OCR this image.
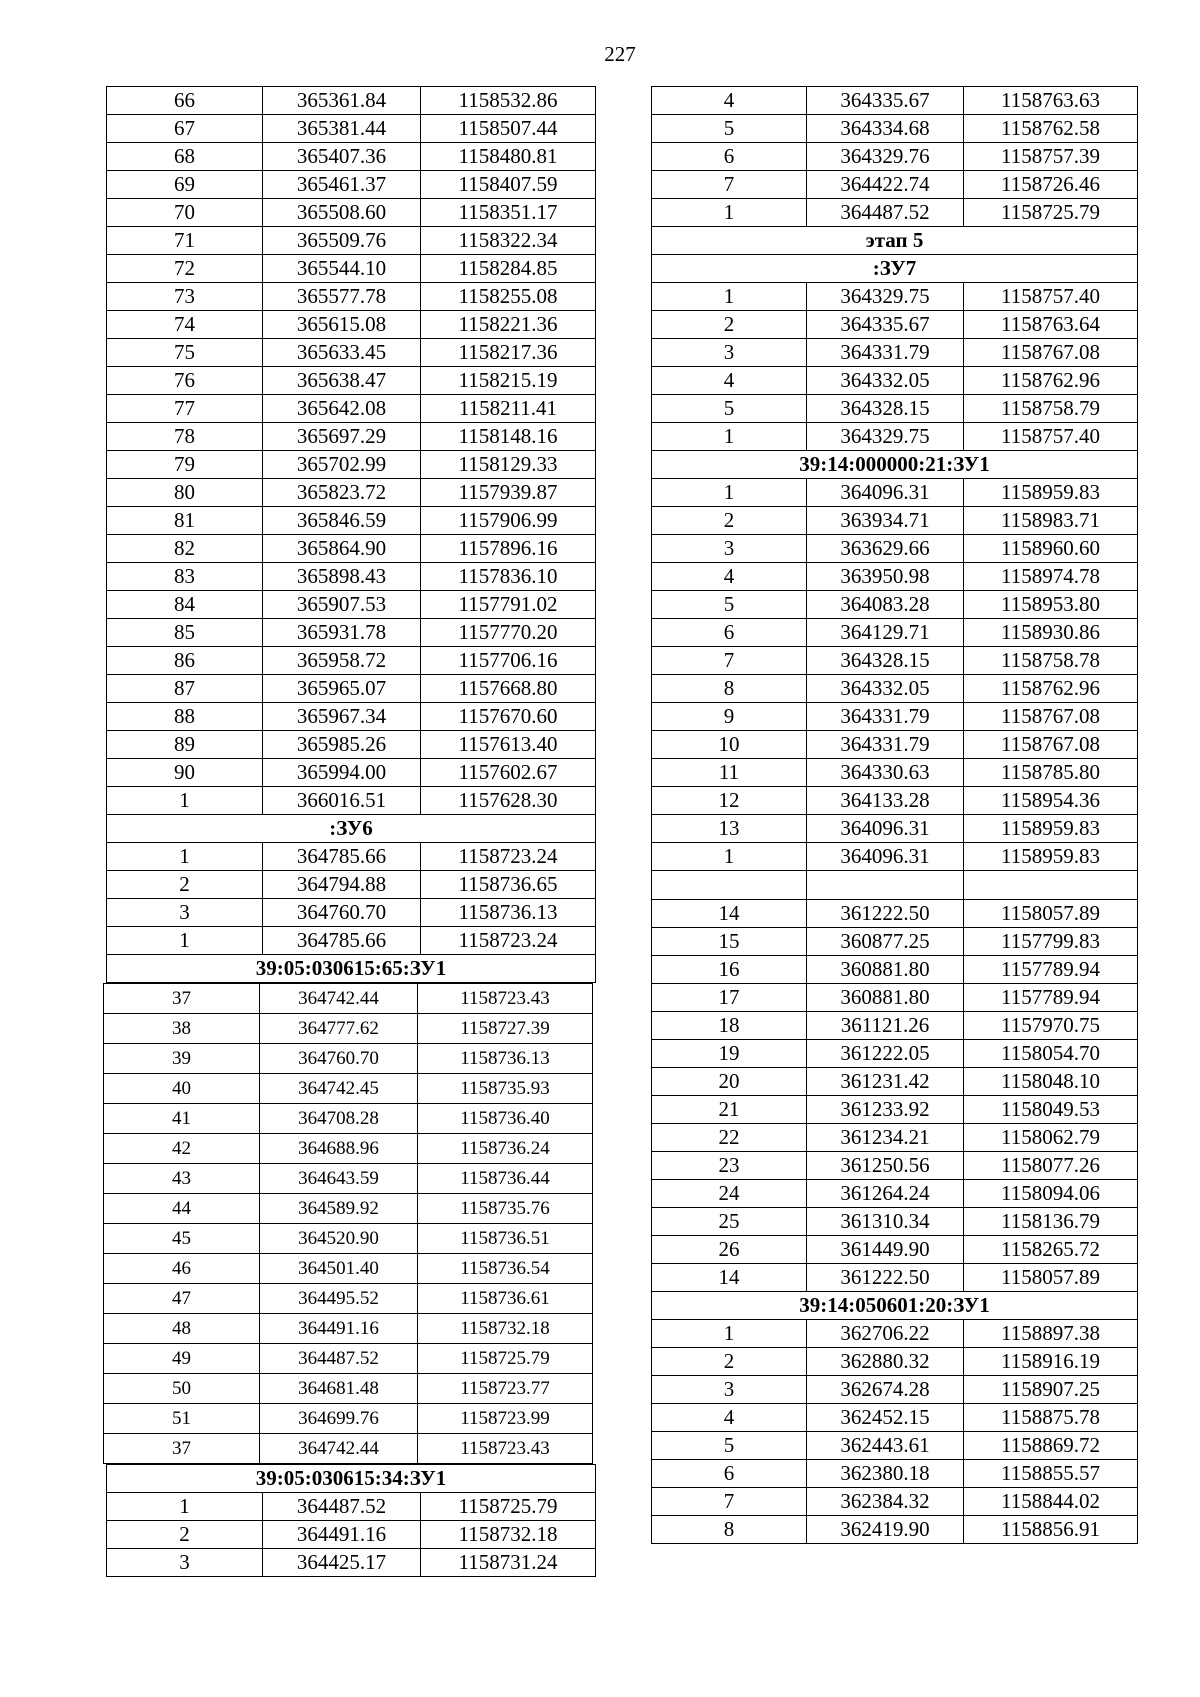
227
66	365361.84	1158532.86
67	365381.44	1158507.44
68	365407.36	1158480.81
69	365461.37	1158407.59
70	365508.60	1158351.17
71	365509.76	1158322.34
72	365544.10	1158284.85
73	365577.78	1158255.08
74	365615.08	1158221.36
75	365633.45	1158217.36
76	365638.47	1158215.19
77	365642.08	1158211.41
78	365697.29	1158148.16
79	365702.99	1158129.33
80	365823.72	1157939.87
81	365846.59	1157906.99
82	365864.90	1157896.16
83	365898.43	1157836.10
84	365907.53	1157791.02
85	365931.78	1157770.20
86	365958.72	1157706.16
87	365965.07	1157668.80
88	365967.34	1157670.60
89	365985.26	1157613.40
90	365994.00	1157602.67
1	366016.51	1157628.30
:ЗУ6		
1	364785.66	1158723.24
2	364794.88	1158736.65
3	364760.70	1158736.13
1	364785.66	1158723.24
39:05:030615:65:ЗУ1		
37	364742.44	1158723.43
38	364777.62	1158727.39
39	364760.70	1158736.13
40	364742.45	1158735.93
41	364708.28	1158736.40
42	364688.96	1158736.24
43	364643.59	1158736.44
44	364589.92	1158735.76
45	364520.90	1158736.51
46	364501.40	1158736.54
47	364495.52	1158736.61
48	364491.16	1158732.18
49	364487.52	1158725.79
50	364681.48	1158723.77
51	364699.76	1158723.99
37	364742.44	1158723.43
39:05:030615:34:ЗУ1		
1	364487.52	1158725.79
2	364491.16	1158732.18
3	364425.17	1158731.24
4	364335.67	1158763.63
5	364334.68	1158762.58
6	364329.76	1158757.39
7	364422.74	1158726.46
1	364487.52	1158725.79
этап 5		
:ЗУ7		
1	364329.75	1158757.40
2	364335.67	1158763.64
3	364331.79	1158767.08
4	364332.05	1158762.96
5	364328.15	1158758.79
1	364329.75	1158757.40
39:14:000000:21:ЗУ1		
1	364096.31	1158959.83
2	363934.71	1158983.71
3	363629.66	1158960.60
4	363950.98	1158974.78
5	364083.28	1158953.80
6	364129.71	1158930.86
7	364328.15	1158758.78
8	364332.05	1158762.96
9	364331.79	1158767.08
10	364331.79	1158767.08
11	364330.63	1158785.80
12	364133.28	1158954.36
13	364096.31	1158959.83
1	364096.31	1158959.83

14	361222.50	1158057.89
15	360877.25	1157799.83
16	360881.80	1157789.94
17	360881.80	1157789.94
18	361121.26	1157970.75
19	361222.05	1158054.70
20	361231.42	1158048.10
21	361233.92	1158049.53
22	361234.21	1158062.79
23	361250.56	1158077.26
24	361264.24	1158094.06
25	361310.34	1158136.79
26	361449.90	1158265.72
14	361222.50	1158057.89
39:14:050601:20:ЗУ1		
1	362706.22	1158897.38
2	362880.32	1158916.19
3	362674.28	1158907.25
4	362452.15	1158875.78
5	362443.61	1158869.72
6	362380.18	1158855.57
7	362384.32	1158844.02
8	362419.90	1158856.91
